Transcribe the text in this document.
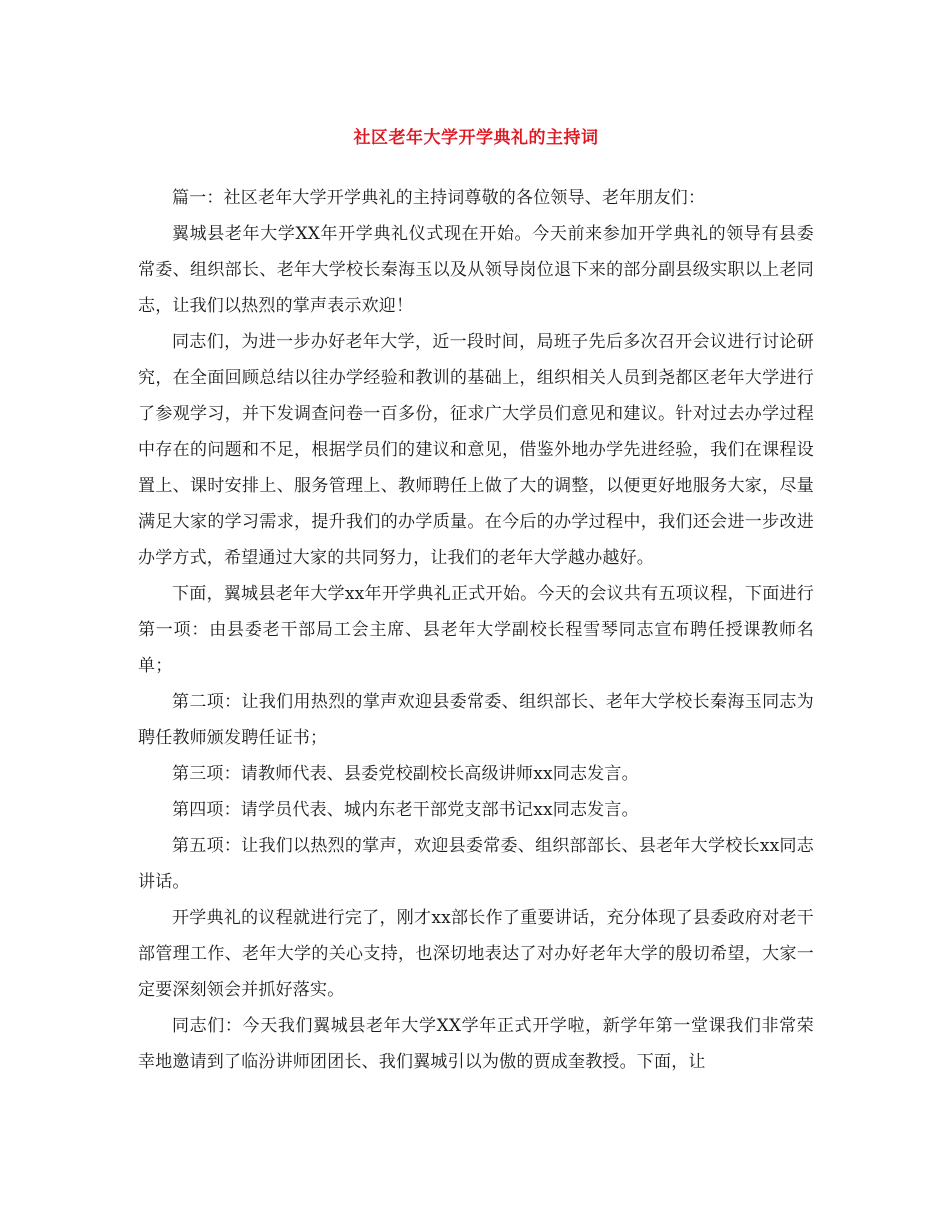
社区老年大学开学典礼的主持词

篇一：社区老年大学开学典礼的主持词尊敬的各位领导、老年朋友们：

翼城县老年大学XX年开学典礼仪式现在开始。今天前来参加开学典礼的领导有县委常委、组织部长、老年大学校长秦海玉以及从领导岗位退下来的部分副县级实职以上老同志，让我们以热烈的掌声表示欢迎！

同志们，为进一步办好老年大学，近一段时间，局班子先后多次召开会议进行讨论研究，在全面回顾总结以往办学经验和教训的基础上，组织相关人员到尧都区老年大学进行了参观学习，并下发调查问卷一百多份，征求广大学员们意见和建议。针对过去办学过程中存在的问题和不足，根据学员们的建议和意见，借鉴外地办学先进经验，我们在课程设置上、课时安排上、服务管理上、教师聘任上做了大的调整，以便更好地服务大家，尽量满足大家的学习需求，提升我们的办学质量。在今后的办学过程中，我们还会进一步改进办学方式，希望通过大家的共同努力，让我们的老年大学越办越好。

下面，翼城县老年大学xx年开学典礼正式开始。今天的会议共有五项议程，下面进行第一项：由县委老干部局工会主席、县老年大学副校长程雪琴同志宣布聘任授课教师名单；

第二项：让我们用热烈的掌声欢迎县委常委、组织部长、老年大学校长秦海玉同志为聘任教师颁发聘任证书；

第三项：请教师代表、县委党校副校长高级讲师xx同志发言。

第四项：请学员代表、城内东老干部党支部书记xx同志发言。

第五项：让我们以热烈的掌声，欢迎县委常委、组织部部长、县老年大学校长xx同志讲话。

开学典礼的议程就进行完了，刚才xx部长作了重要讲话，充分体现了县委政府对老干部管理工作、老年大学的关心支持，也深切地表达了对办好老年大学的殷切希望，大家一定要深刻领会并抓好落实。

同志们：今天我们翼城县老年大学XX学年正式开学啦，新学年第一堂课我们非常荣幸地邀请到了临汾讲师团团长、我们翼城引以为傲的贾成奎教授。下面，让
